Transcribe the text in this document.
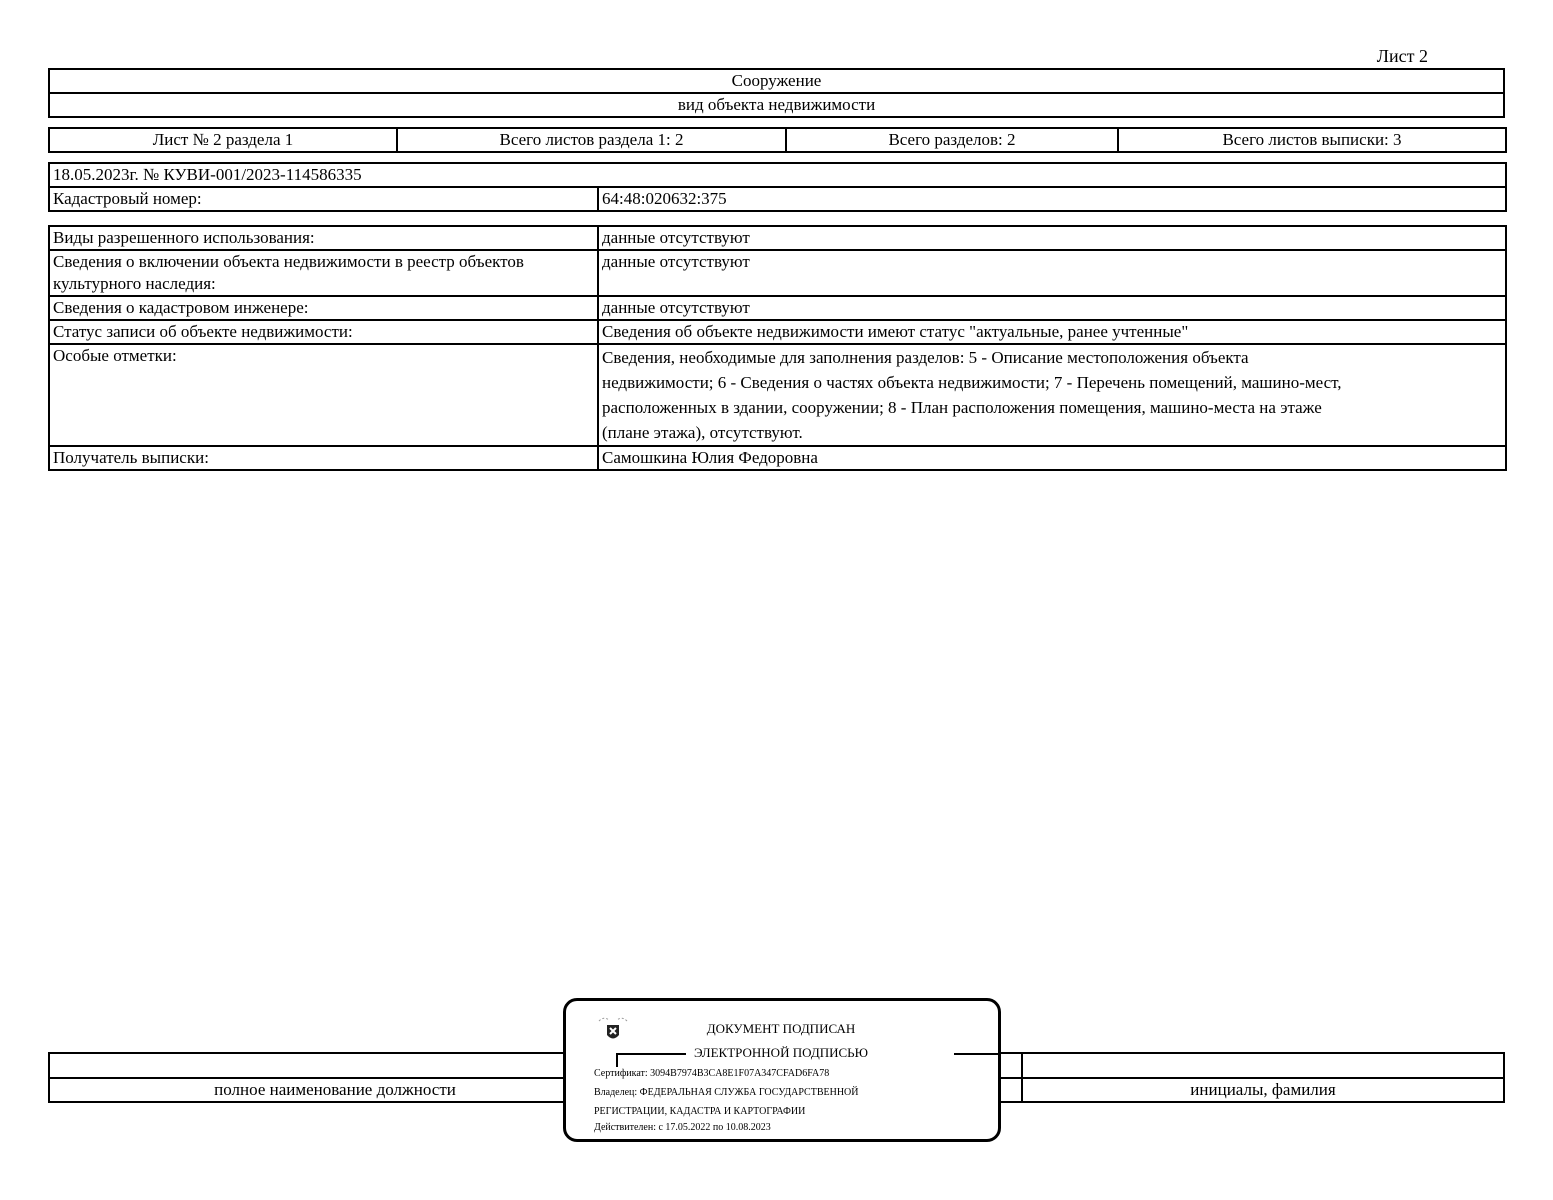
Лист 2
Сооружение
вид объекта недвижимости
Лист № 2 раздела 1	Всего листов раздела 1: 2	Всего разделов: 2	Всего листов выписки: 3
18.05.2023г. № КУВИ-001/2023-114586335
Кадастровый номер:	64:48:020632:375
Виды разрешенного использования:	данные отсутствуют
Сведения о включении объекта недвижимости в реестр объектов культурного наследия:	данные отсутствуют
Сведения о кадастровом инженере:	данные отсутствуют
Статус записи об объекте недвижимости:	Сведения об объекте недвижимости имеют статус "актуальные, ранее учтенные"
Особые отметки:	Сведения, необходимые для заполнения разделов: 5 - Описание местоположения объекта

недвижимости; 6 - Сведения о частях объекта недвижимости; 7 - Перечень помещений, машино-мест,

расположенных в здании, сооружении; 8 - План расположения помещения, машино-места на этаже

(плане этажа), отсутствуют.

Получатель выписки:	Самошкина Юлия Федоровна
полное наименование должности	инициалы, фамилия
ДОКУМЕНТ ПОДПИСАН
ЭЛЕКТРОННОЙ ПОДПИСЬЮ
Сертификат: 3094B7974B3CA8E1F07A347CFAD6FA78
Владелец: ФЕДЕРАЛЬНАЯ СЛУЖБА ГОСУДАРСТВЕННОЙ
РЕГИСТРАЦИИ, КАДАСТРА И КАРТОГРАФИИ
Действителен: с 17.05.2022 по 10.08.2023
